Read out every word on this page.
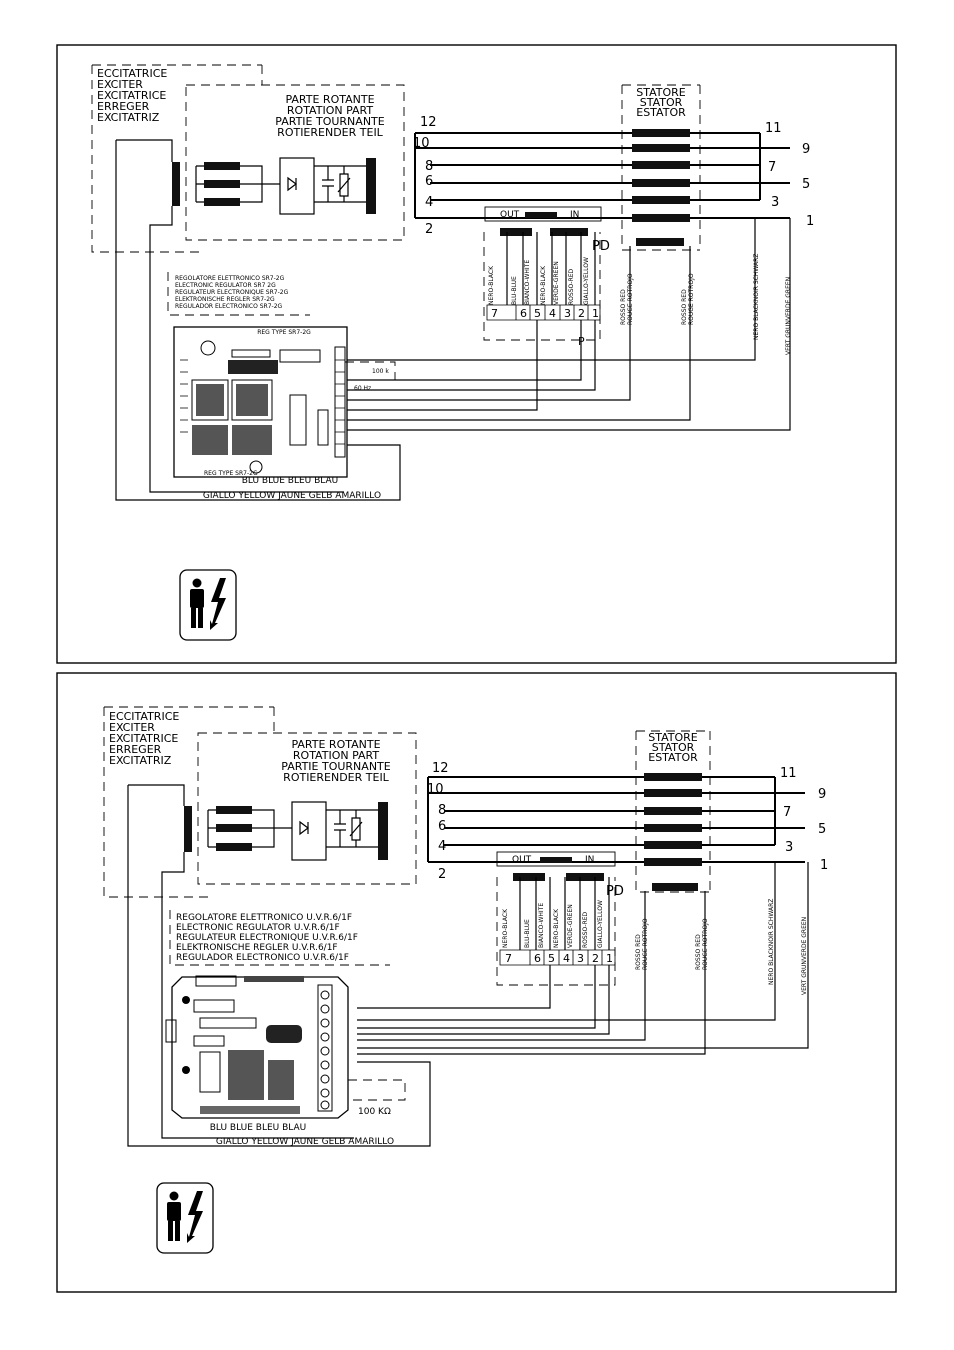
ECCITATRICE
EXCITER
EXCITATRICE
ERREGER
EXCITATRIZ
PARTE ROTANTE
ROTATION PART
PARTIE TOURNANTE
ROTIERENDER TEIL
STATORE
STATOR
ESTATOR
12
10
8
6
4
2
11
9
7
5
3
1
OUT	IN
PD
NERO-BLACK	BLU-BLUE BIANCO-WHITE NERO-BLACK VERDE-GREEN ROSSO-RED GIALLO-YELLOW
7 6 5 4 3 2 1
P
ROSSO RED ROUGE ROTROJO	ROSSO RED ROUGE ROTROJO	NERO BLACKNOIR SCHWARZ	VERT GRUNVERDE GREEN
REGOLATORE ELETTRONICO SR7-2G
ELECTRONIC REGULATOR SR7 2G
REGULATEUR ELECTRONIQUE SR7-2G
ELEKTRONISCHE REGLER SR7-2G
REGULADOR ELECTRONICO SR7-2G
REG TYPE SR7-2G
REG TYPE SR7-2G
100 k
60 Hz
BLU BLUE BLEU BLAU
GIALLO YELLOW JAUNE GELB AMARILLO
ECCITATRICE
EXCITER
EXCITATRICE
ERREGER
EXCITATRIZ
PARTE ROTANTE
ROTATION PART
PARTIE TOURNANTE
ROTIERENDER TEIL
STATORE
STATOR
ESTATOR
12
10
8
6
4
2
11
9
7
5
3
1
OUT	IN
PD
NERO-BLACK	BLU-BLUE BIANCO-WHITE NERO-BLACK VERDE-GREEN ROSSO-RED GIALLO-YELLOW
7 6 5 4 3 2 1	ROSSO RED ROUGE ROTROJO	ROSSO RED ROUGE ROTROJO	NERO BLACKNOIR SCHWARZ	VERT GRUNVERDE GREEN
REGOLATORE ELETTRONICO U.V.R.6/1F
ELECTRONIC REGULATOR U.V.R.6/1F
REGULATEUR ELECTRONIQUE U.V.R.6/1F
ELEKTRONISCHE REGLER U.V.R.6/1F
REGULADOR ELECTRONICO U.V.R.6/1F
100 KΩ
BLU BLUE BLEU BLAU
GIALLO YELLOW JAUNE GELB AMARILLO
